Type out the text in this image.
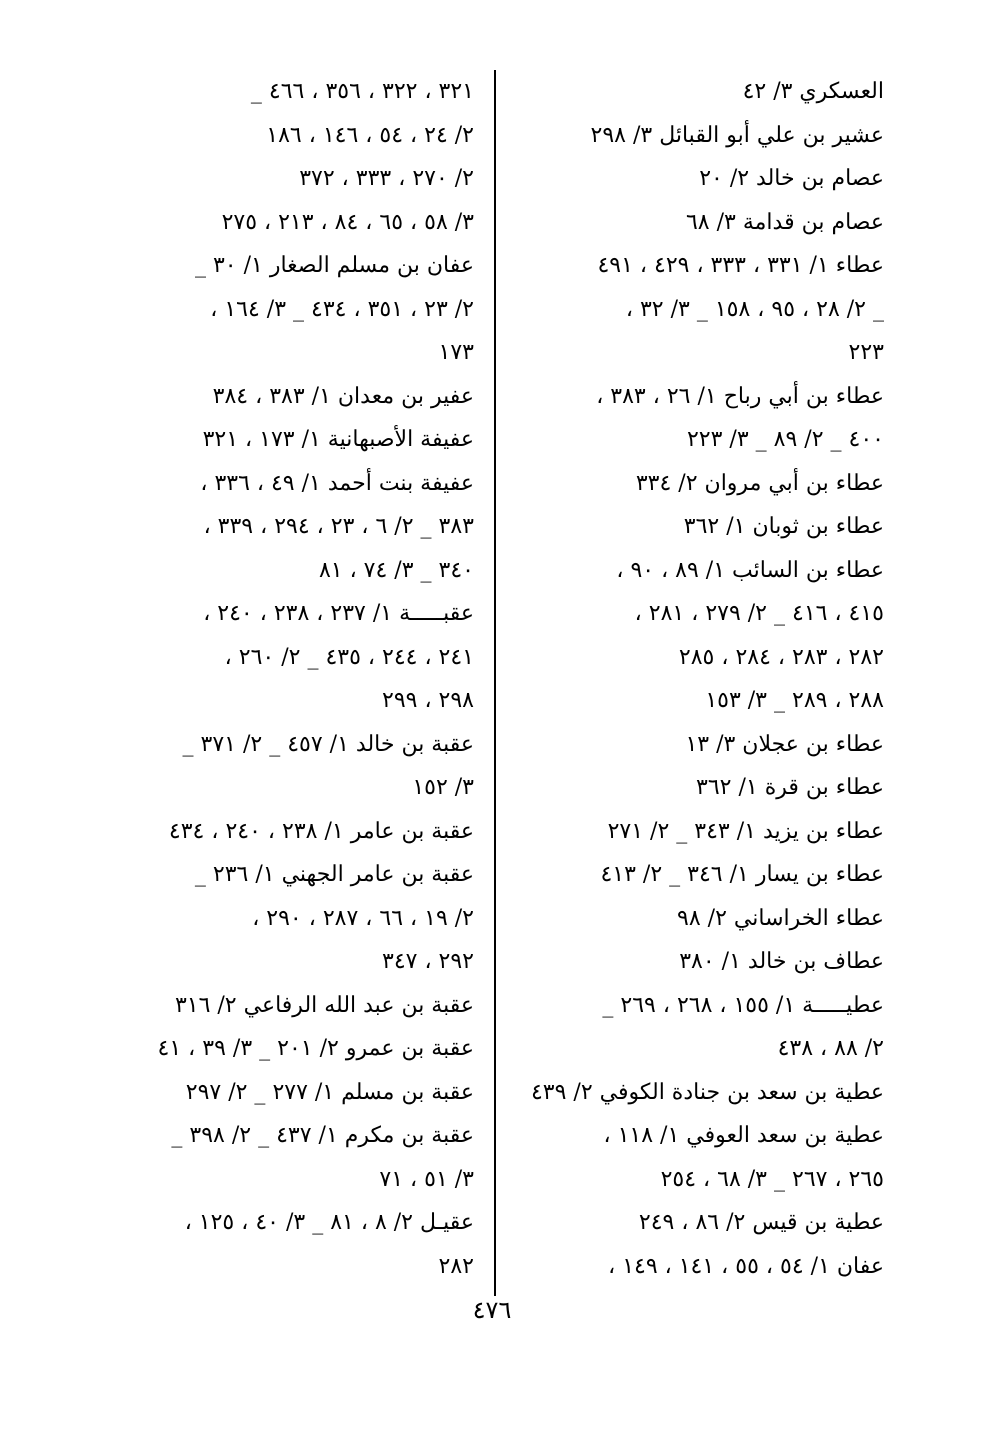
العسكري ٣/ ٤٢
عشير بن علي أبو القبائل ٣/ ٢٩٨
عصام بن خالد ٢/ ٢٠
عصام بن قدامة ٣/ ٦٨
عطاء ١/ ٣٣١ ، ٣٣٣ ، ٤٢٩ ، ٤٩١
_ ٢/ ٢٨ ، ٩٥ ، ١٥٨ _ ٣/ ٣٢ ،
٢٢٣
عطاء بن أبي رباح ١/ ٢٦ ، ٣٨٣ ،
٤٠٠ _ ٢/ ٨٩ _ ٣/ ٢٢٣
عطاء بن أبي مروان ٢/ ٣٣٤
عطاء بن ثوبان ١/ ٣٦٢
عطاء بن السائب ١/ ٨٩ ، ٩٠ ،
٤١٥ ، ٤١٦ _ ٢/ ٢٧٩ ، ٢٨١ ،
٢٨٢ ، ٢٨٣ ، ٢٨٤ ، ٢٨٥
٢٨٨ ، ٢٨٩ _ ٣/ ١٥٣
عطاء بن عجلان ٣/ ١٣
عطاء بن قرة ١/ ٣٦٢
عطاء بن يزيد ١/ ٣٤٣ _ ٢/ ٢٧١
عطاء بن يسار ١/ ٣٤٦ _ ٢/ ٤١٣
عطاء الخراساني ٢/ ٩٨
عطاف بن خالد ١/ ٣٨٠
عطيـــــة ١/ ١٥٥ ، ٢٦٨ ، ٢٦٩ _
٢/ ٨٨ ، ٤٣٨
عطية بن سعد بن جنادة الكوفي ٢/ ٤٣٩
عطية بن سعد العوفي ١/ ١١٨ ،
٢٦٥ ، ٢٦٧ _ ٣/ ٦٨ ، ٢٥٤
عطية بن قيس ٢/ ٨٦ ، ٢٤٩
عفان ١/ ٥٤ ، ٥٥ ، ١٤١ ، ١٤٩ ،
٣٢١ ، ٣٢٢ ، ٣٥٦ ، ٤٦٦ _
٢/ ٢٤ ، ٥٤ ، ١٤٦ ، ١٨٦
٢/ ٢٧٠ ، ٣٣٣ ، ٣٧٢
٣/ ٥٨ ، ٦٥ ، ٨٤ ، ٢١٣ ، ٢٧٥
عفان بن مسلم الصغار ١/ ٣٠ _
٢/ ٢٣ ، ٣٥١ ، ٤٣٤ _ ٣/ ١٦٤ ،
١٧٣
عفير بن معدان ١/ ٣٨٣ ، ٣٨٤
عفيفة الأصبهانية ١/ ١٧٣ ، ٣٢١
عفيفة بنت أحمد ١/ ٤٩ ، ٣٣٦ ،
٣٨٣ _ ٢/ ٦ ، ٢٣ ، ٢٩٤ ، ٣٣٩ ،
٣٤٠ _ ٣/ ٧٤ ، ٨١
عقبـــــة ١/ ٢٣٧ ، ٢٣٨ ، ٢٤٠ ،
٢٤١ ، ٢٤٤ ، ٤٣٥ _ ٢/ ٢٦٠ ،
٢٩٨ ، ٢٩٩
عقبة بن خالد ١/ ٤٥٧ _ ٢/ ٣٧١ _
٣/ ١٥٢
عقبة بن عامر ١/ ٢٣٨ ، ٢٤٠ ، ٤٣٤
عقبة بن عامر الجهني ١/ ٢٣٦ _
٢/ ١٩ ، ٦٦ ، ٢٨٧ ، ٢٩٠ ،
٢٩٢ ، ٣٤٧
عقبة بن عبد الله الرفاعي ٢/ ٣١٦
عقبة بن عمرو ٢/ ٢٠١ _ ٣/ ٣٩ ، ٤١
عقبة بن مسلم ١/ ٢٧٧ _ ٢/ ٢٩٧
عقبة بن مكرم ١/ ٤٣٧ _ ٢/ ٣٩٨ _
٣/ ٥١ ، ٧١
عقيـل ٢/ ٨ ، ٨١ _ ٣/ ٤٠ ، ١٢٥ ،
٢٨٢
٤٧٦
